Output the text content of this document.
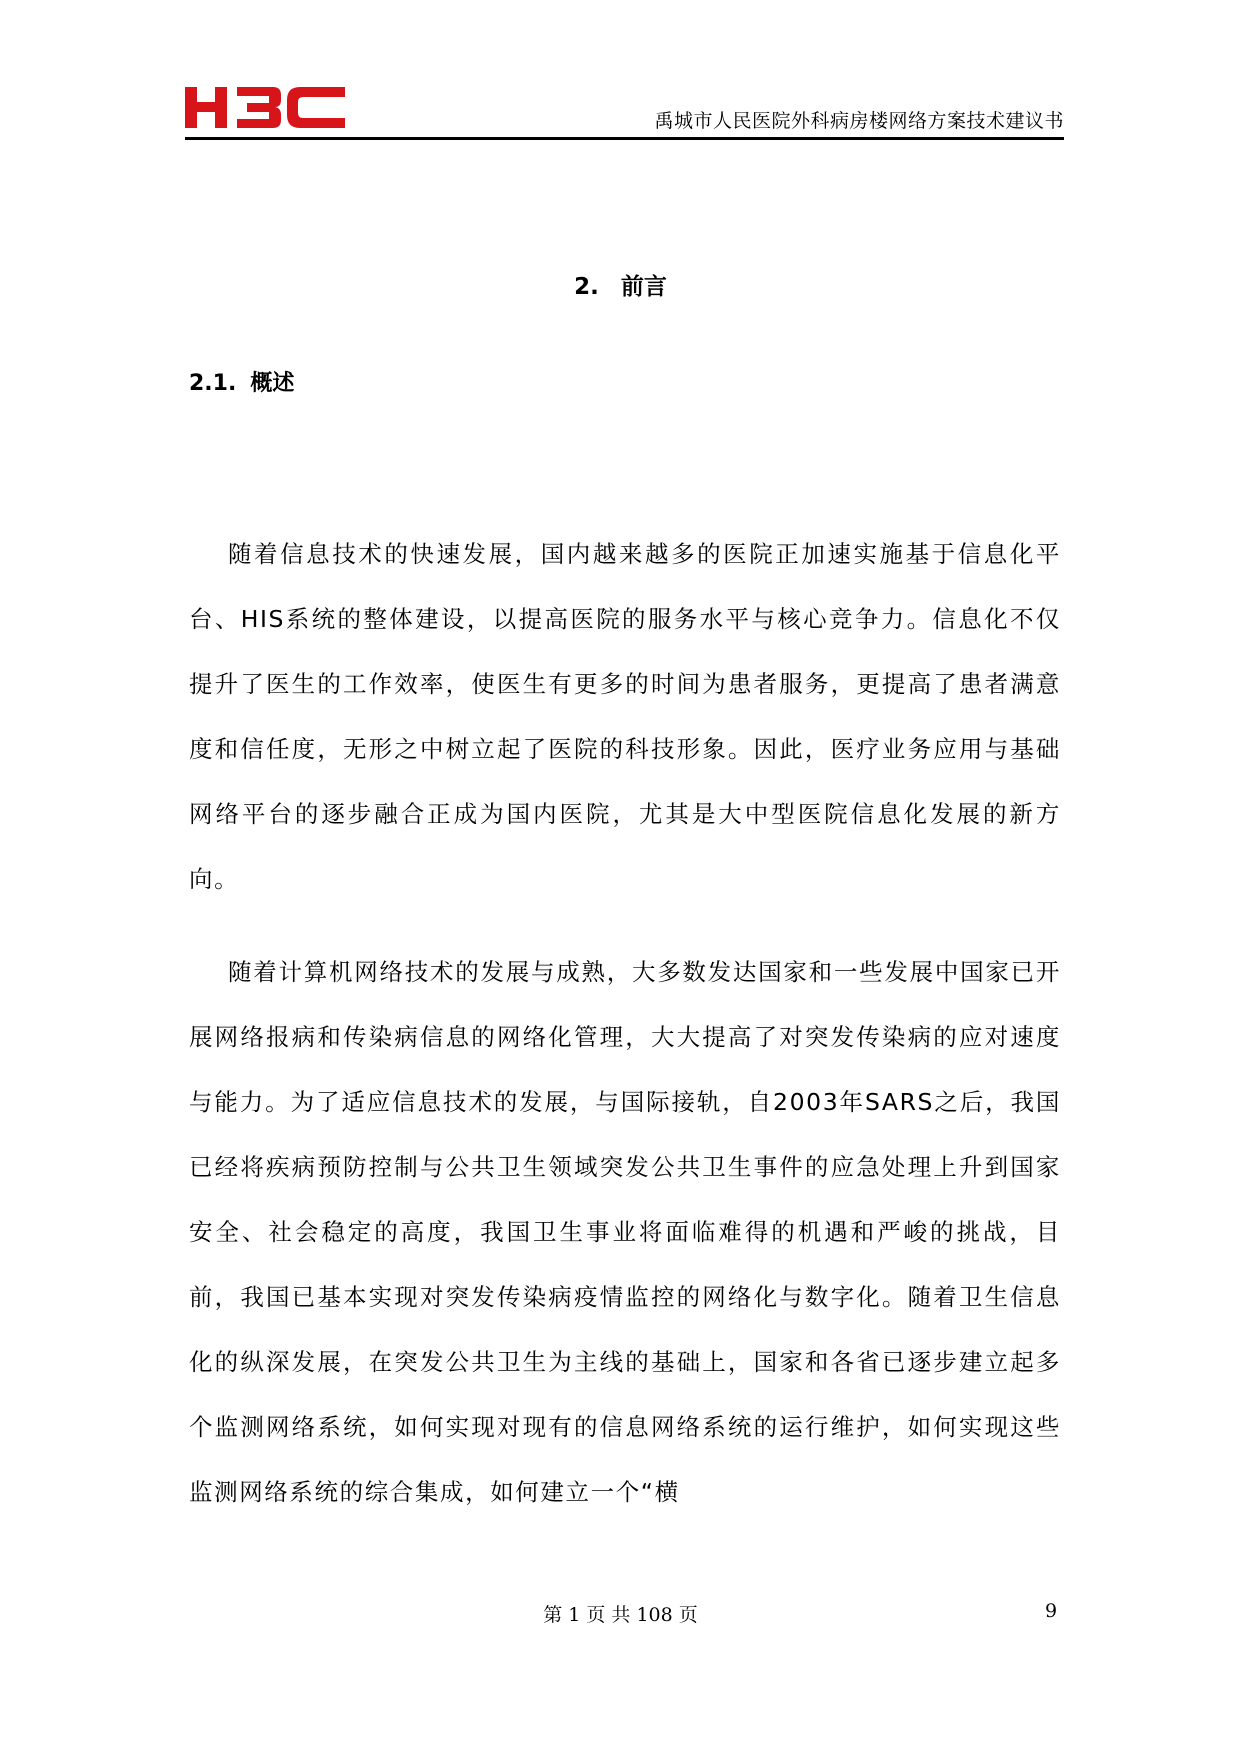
禹城市人民医院外科病房楼网络方案技术建议书
2. 前言
2.1. 概述

随着信息技术的快速发展，国内越来越多的医院正加速实施基于信息化平台、HIS系统的整体建设，以提高医院的服务水平与核心竞争力。信息化不仅提升了医生的工作效率，使医生有更多的时间为患者服务，更提高了患者满意度和信任度，无形之中树立起了医院的科技形象。因此，医疗业务应用与基础网络平台的逐步融合正成为国内医院，尤其是大中型医院信息化发展的新方向。

随着计算机网络技术的发展与成熟，大多数发达国家和一些发展中国家已开展网络报病和传染病信息的网络化管理，大大提高了对突发传染病的应对速度与能力。为了适应信息技术的发展，与国际接轨，自2003年SARS之后，我国已经将疾病预防控制与公共卫生领域突发公共卫生事件的应急处理上升到国家安全、社会稳定的高度，我国卫生事业将面临难得的机遇和严峻的挑战，目前，我国已基本实现对突发传染病疫情监控的网络化与数字化。随着卫生信息化的纵深发展，在突发公共卫生为主线的基础上，国家和各省已逐步建立起多个监测网络系统，如何实现对现有的信息网络系统的运行维护，如何实现这些监测网络系统的综合集成，如何建立一个“横

第 1 页 共 108 页	9
